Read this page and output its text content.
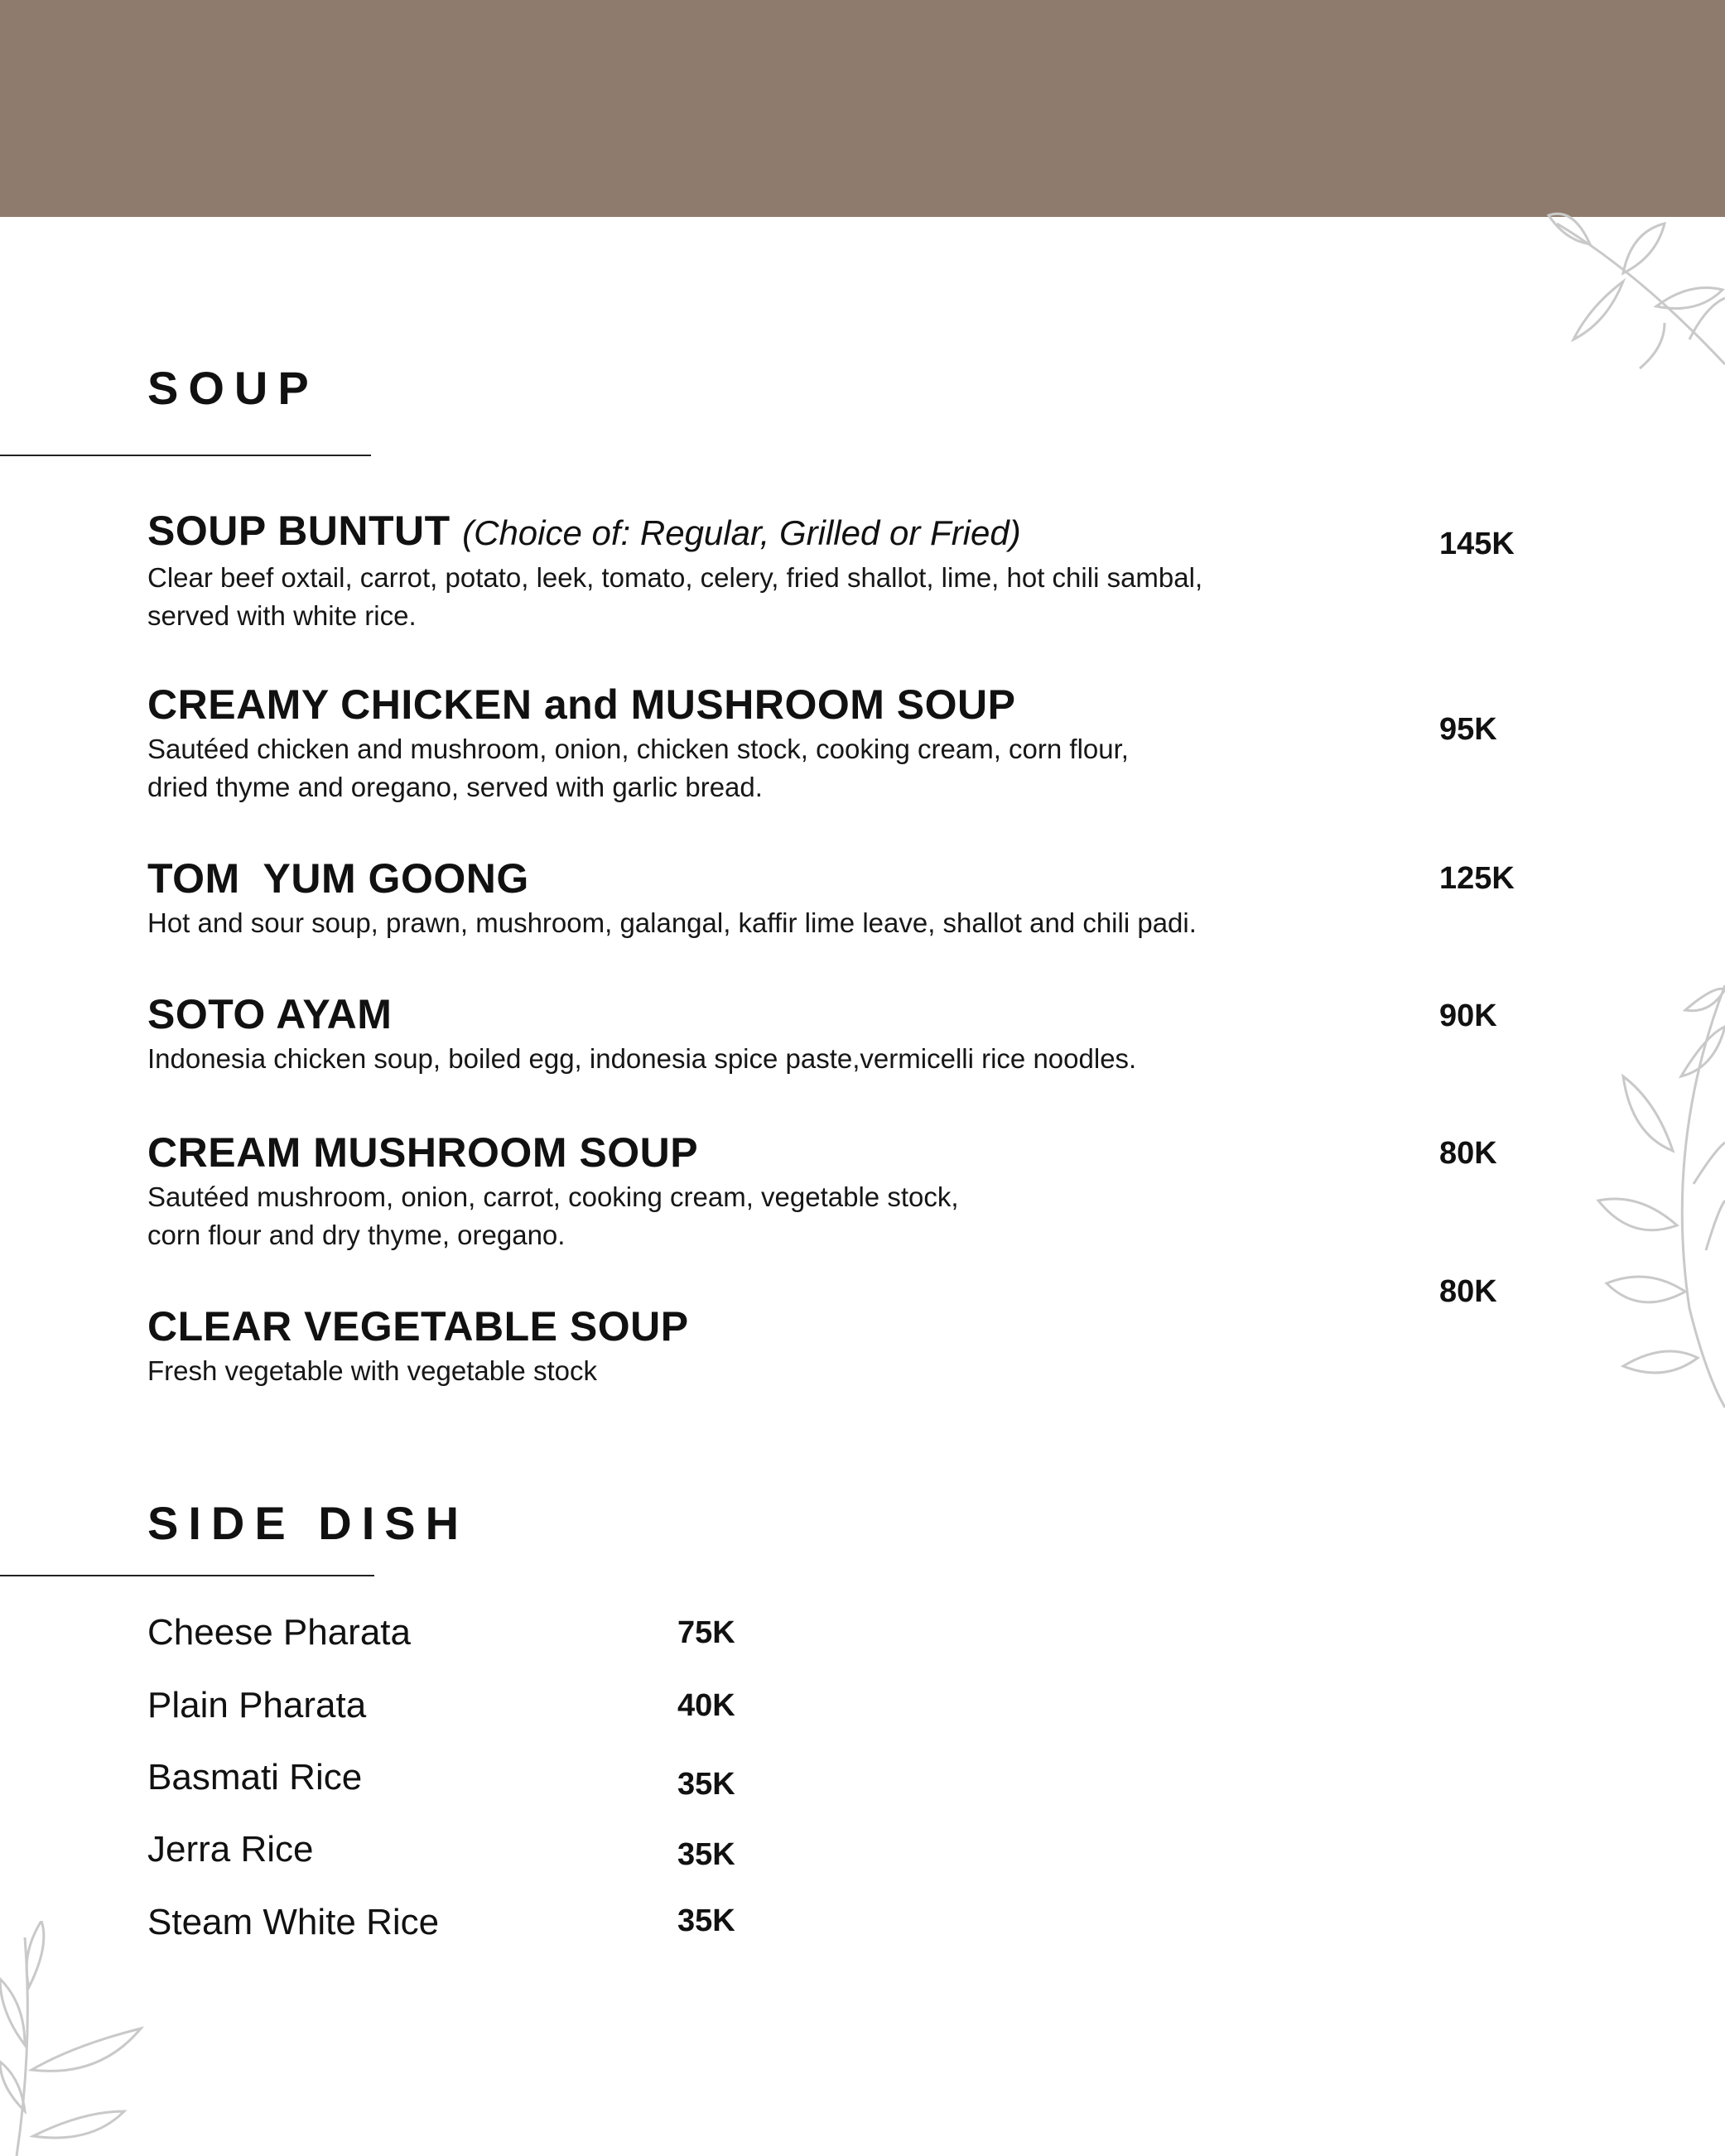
SOUP
SOUP BUNTUT (Choice of: Regular, Grilled or Fried)
Clear beef oxtail, carrot, potato, leek, tomato, celery, fried shallot, lime, hot chili sambal,
served with white rice.
145K
CREAMY CHICKEN and MUSHROOM SOUP
Sautéed chicken and mushroom, onion, chicken stock, cooking cream, corn flour,
dried thyme and oregano, served with garlic bread.
95K
TOM  YUM GOONG
Hot and sour soup, prawn, mushroom, galangal, kaffir lime leave, shallot and chili padi.
125K
SOTO AYAM
Indonesia chicken soup, boiled egg, indonesia spice paste,vermicelli rice noodles.
90K
CREAM MUSHROOM SOUP
Sautéed mushroom, onion, carrot, cooking cream, vegetable stock,
corn flour and dry thyme, oregano.
80K
CLEAR VEGETABLE SOUP
Fresh vegetable with vegetable stock
80K
SIDE DISH
Cheese Pharata	75K
Plain Pharata	40K
Basmati Rice	35K
Jerra Rice	35K
Steam White Rice	35K
